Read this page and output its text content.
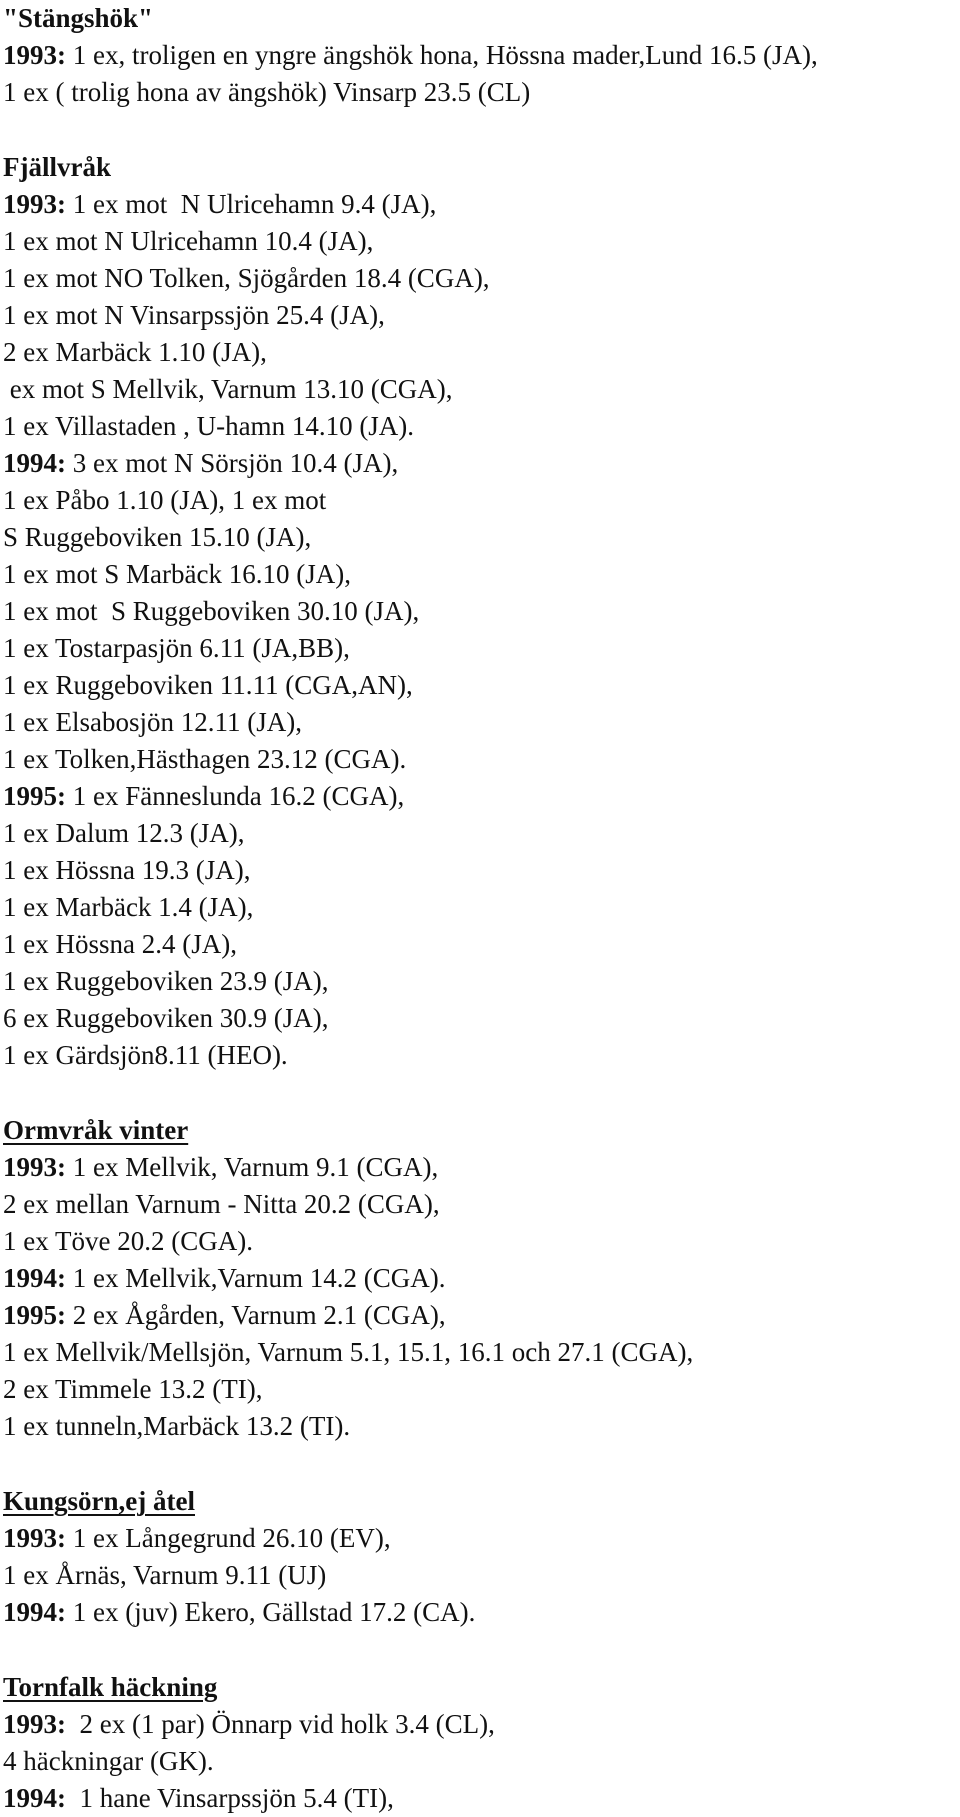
"Stängshök"
1993: 1 ex, troligen en yngre ängshök hona, Hössna mader,Lund 16.5 (JA),
1 ex ( trolig hona av ängshök) Vinsarp 23.5 (CL)
Fjällvråk
1993: 1 ex mot  N Ulricehamn 9.4 (JA),
1 ex mot N Ulricehamn 10.4 (JA),
1 ex mot NO Tolken, Sjögården 18.4 (CGA),
1 ex mot N Vinsarpssjön 25.4 (JA),
2 ex Marbäck 1.10 (JA),
ex mot S Mellvik, Varnum 13.10 (CGA),
1 ex Villastaden , U-hamn 14.10 (JA).
1994: 3 ex mot N Sörsjön 10.4 (JA),
1 ex Påbo 1.10 (JA), 1 ex mot
S Ruggeboviken 15.10 (JA),
1 ex mot S Marbäck 16.10 (JA),
1 ex mot  S Ruggeboviken 30.10 (JA),
1 ex Tostarpasjön 6.11 (JA,BB),
1 ex Ruggeboviken 11.11 (CGA,AN),
1 ex Elsabosjön 12.11 (JA),
1 ex Tolken,Hästhagen 23.12 (CGA).
1995: 1 ex Fänneslunda 16.2 (CGA),
1 ex Dalum 12.3 (JA),
1 ex Hössna 19.3 (JA),
1 ex Marbäck 1.4 (JA),
1 ex Hössna 2.4 (JA),
1 ex Ruggeboviken 23.9 (JA),
6 ex Ruggeboviken 30.9 (JA),
1 ex Gärdsjön8.11 (HEO).
Ormvråk vinter
1993: 1 ex Mellvik, Varnum 9.1 (CGA),
2 ex mellan Varnum - Nitta 20.2 (CGA),
1 ex Töve 20.2 (CGA).
1994: 1 ex Mellvik,Varnum 14.2 (CGA).
1995: 2 ex Ågården, Varnum 2.1 (CGA),
1 ex Mellvik/Mellsjön, Varnum 5.1, 15.1, 16.1 och 27.1 (CGA),
2 ex Timmele 13.2 (TI),
1 ex tunneln,Marbäck 13.2 (TI).
Kungsörn,ej åtel
1993: 1 ex Långegrund 26.10 (EV),
1 ex Årnäs, Varnum 9.11 (UJ)
1994: 1 ex (juv) Ekero, Gällstad 17.2 (CA).
Tornfalk häckning
1993:  2 ex (1 par) Önnarp vid holk 3.4 (CL),
4 häckningar (GK).
1994:  1 hane Vinsarpssjön 5.4 (TI),
